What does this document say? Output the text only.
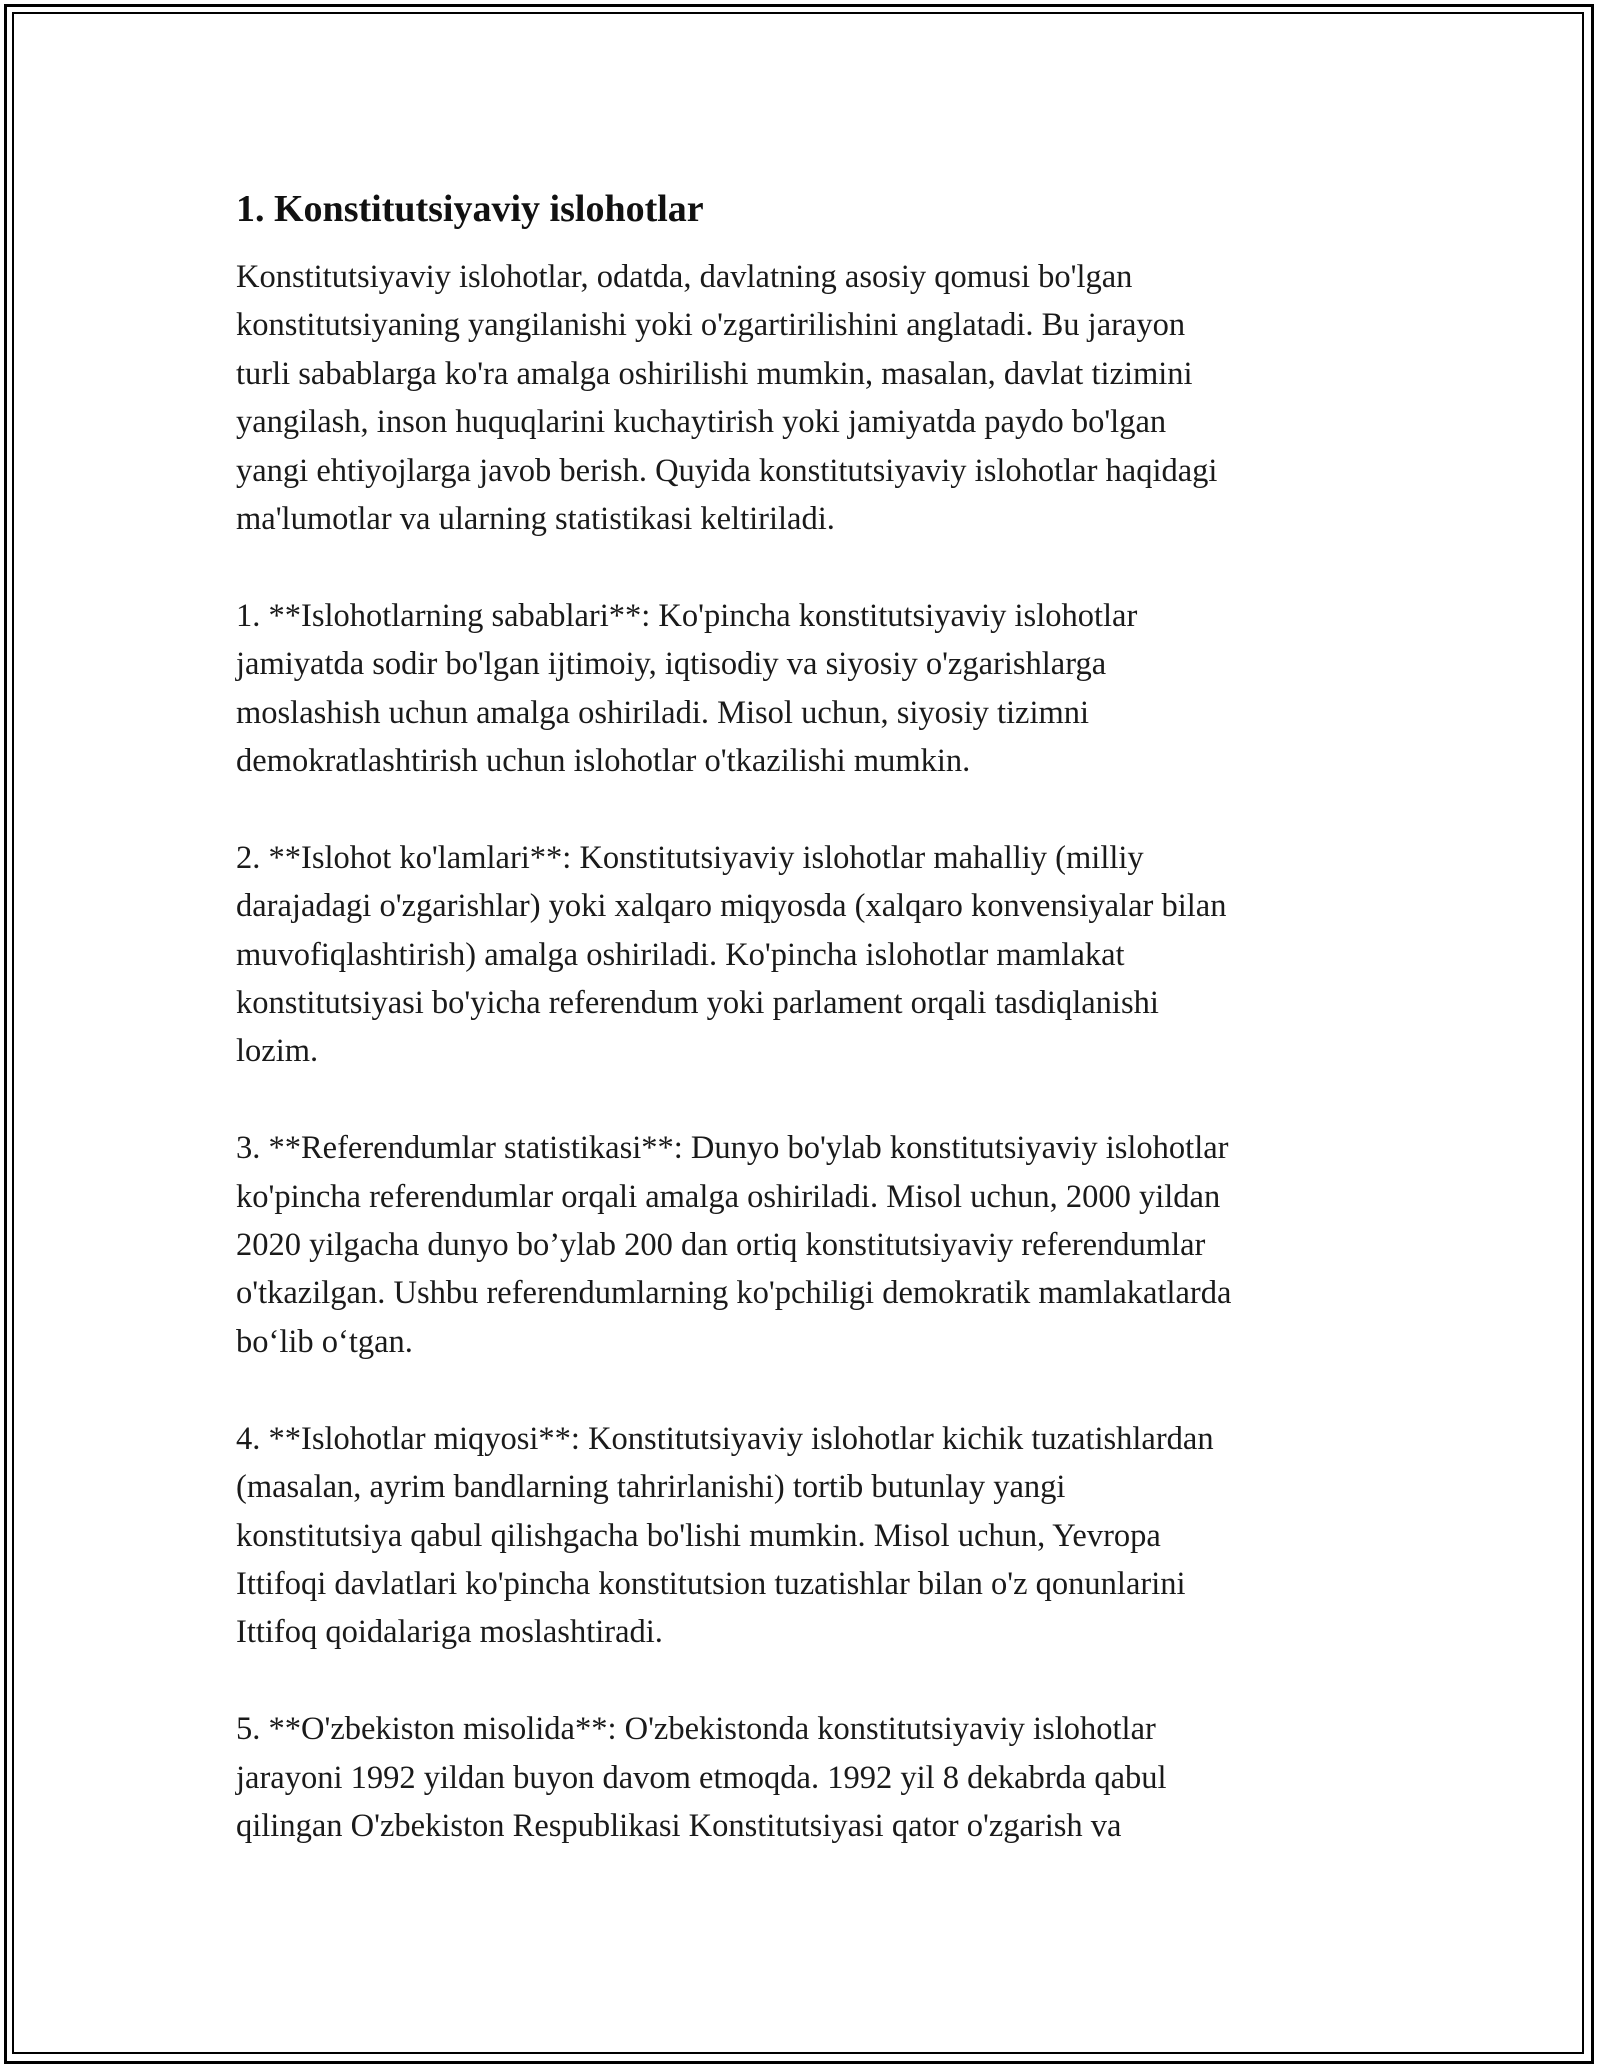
1. Konstitutsiyaviy islohotlar
Konstitutsiyaviy islohotlar, odatda, davlatning asosiy qomusi bo'lgan
konstitutsiyaning yangilanishi yoki o'zgartirilishini anglatadi. Bu jarayon
turli sabablarga ko'ra amalga oshirilishi mumkin, masalan, davlat tizimini
yangilash, inson huquqlarini kuchaytirish yoki jamiyatda paydo bo'lgan
yangi ehtiyojlarga javob berish. Quyida konstitutsiyaviy islohotlar haqidagi
ma'lumotlar va ularning statistikasi keltiriladi.
1. **Islohotlarning sabablari**: Ko'pincha konstitutsiyaviy islohotlar
jamiyatda sodir bo'lgan ijtimoiy, iqtisodiy va siyosiy o'zgarishlarga
moslashish uchun amalga oshiriladi. Misol uchun, siyosiy tizimni
demokratlashtirish uchun islohotlar o'tkazilishi mumkin.
2. **Islohot ko'lamlari**: Konstitutsiyaviy islohotlar mahalliy (milliy
darajadagi o'zgarishlar) yoki xalqaro miqyosda (xalqaro konvensiyalar bilan
muvofiqlashtirish) amalga oshiriladi. Ko'pincha islohotlar mamlakat
konstitutsiyasi bo'yicha referendum yoki parlament orqali tasdiqlanishi
lozim.
3. **Referendumlar statistikasi**: Dunyo bo'ylab konstitutsiyaviy islohotlar
ko'pincha referendumlar orqali amalga oshiriladi. Misol uchun, 2000 yildan
2020 yilgacha dunyo bo’ylab 200 dan ortiq konstitutsiyaviy referendumlar
o'tkazilgan. Ushbu referendumlarning ko'pchiligi demokratik mamlakatlarda
bo‘lib o‘tgan.
4. **Islohotlar miqyosi**: Konstitutsiyaviy islohotlar kichik tuzatishlardan
(masalan, ayrim bandlarning tahrirlanishi) tortib butunlay yangi
konstitutsiya qabul qilishgacha bo'lishi mumkin. Misol uchun, Yevropa
Ittifoqi davlatlari ko'pincha konstitutsion tuzatishlar bilan o'z qonunlarini
Ittifoq qoidalariga moslashtiradi.
5. **O'zbekiston misolida**: O'zbekistonda konstitutsiyaviy islohotlar
jarayoni 1992 yildan buyon davom etmoqda. 1992 yil 8 dekabrda qabul
qilingan O'zbekiston Respublikasi Konstitutsiyasi qator o'zgarish va
